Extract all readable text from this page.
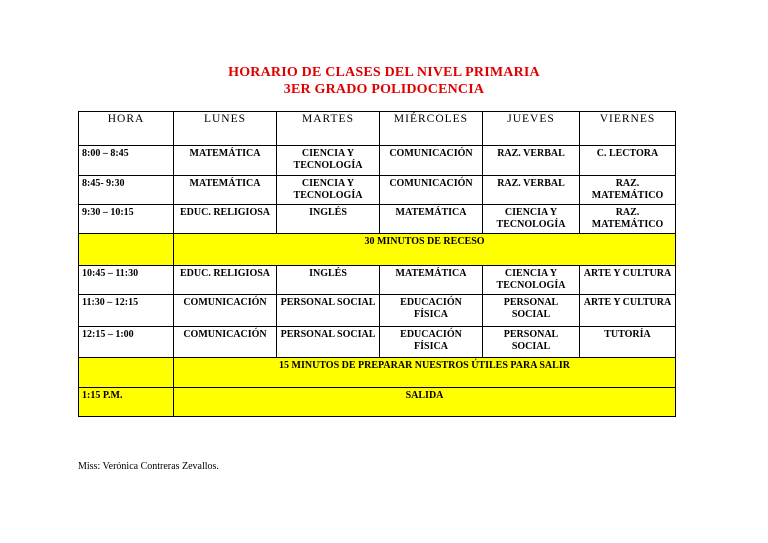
HORARIO DE CLASES DEL NIVEL PRIMARIA
3ER GRADO POLIDOCENCIA
HORA	LUNES	MARTES	MIÉRCOLES	JUEVES	VIERNES
8:00 – 8:45	MATEMÁTICA	CIENCIA Y TECNOLOGÍA	COMUNICACIÓN	RAZ. VERBAL	C. LECTORA
8:45- 9:30	MATEMÁTICA	CIENCIA Y TECNOLOGÍA	COMUNICACIÓN	RAZ. VERBAL	RAZ. MATEMÁTICO
9:30 – 10:15	EDUC. RELIGIOSA	INGLÉS	MATEMÁTICA	CIENCIA Y TECNOLOGÍA	RAZ. MATEMÁTICO
	30 MINUTOS DE RECESO				
10:45 – 11:30	EDUC. RELIGIOSA	INGLÉS	MATEMÁTICA	CIENCIA Y TECNOLOGÍA	ARTE Y CULTURA
11:30 – 12:15	COMUNICACIÓN	PERSONAL SOCIAL	EDUCACIÓN FÍSICA	PERSONAL SOCIAL	ARTE Y CULTURA
12:15 – 1:00	COMUNICACIÓN	PERSONAL SOCIAL	EDUCACIÓN FÍSICA	PERSONAL SOCIAL	TUTORÍA
	15 MINUTOS DE PREPARAR NUESTROS ÚTILES PARA SALIR				
1:15 P.M.	SALIDA				
Miss: Verónica Contreras Zevallos.
